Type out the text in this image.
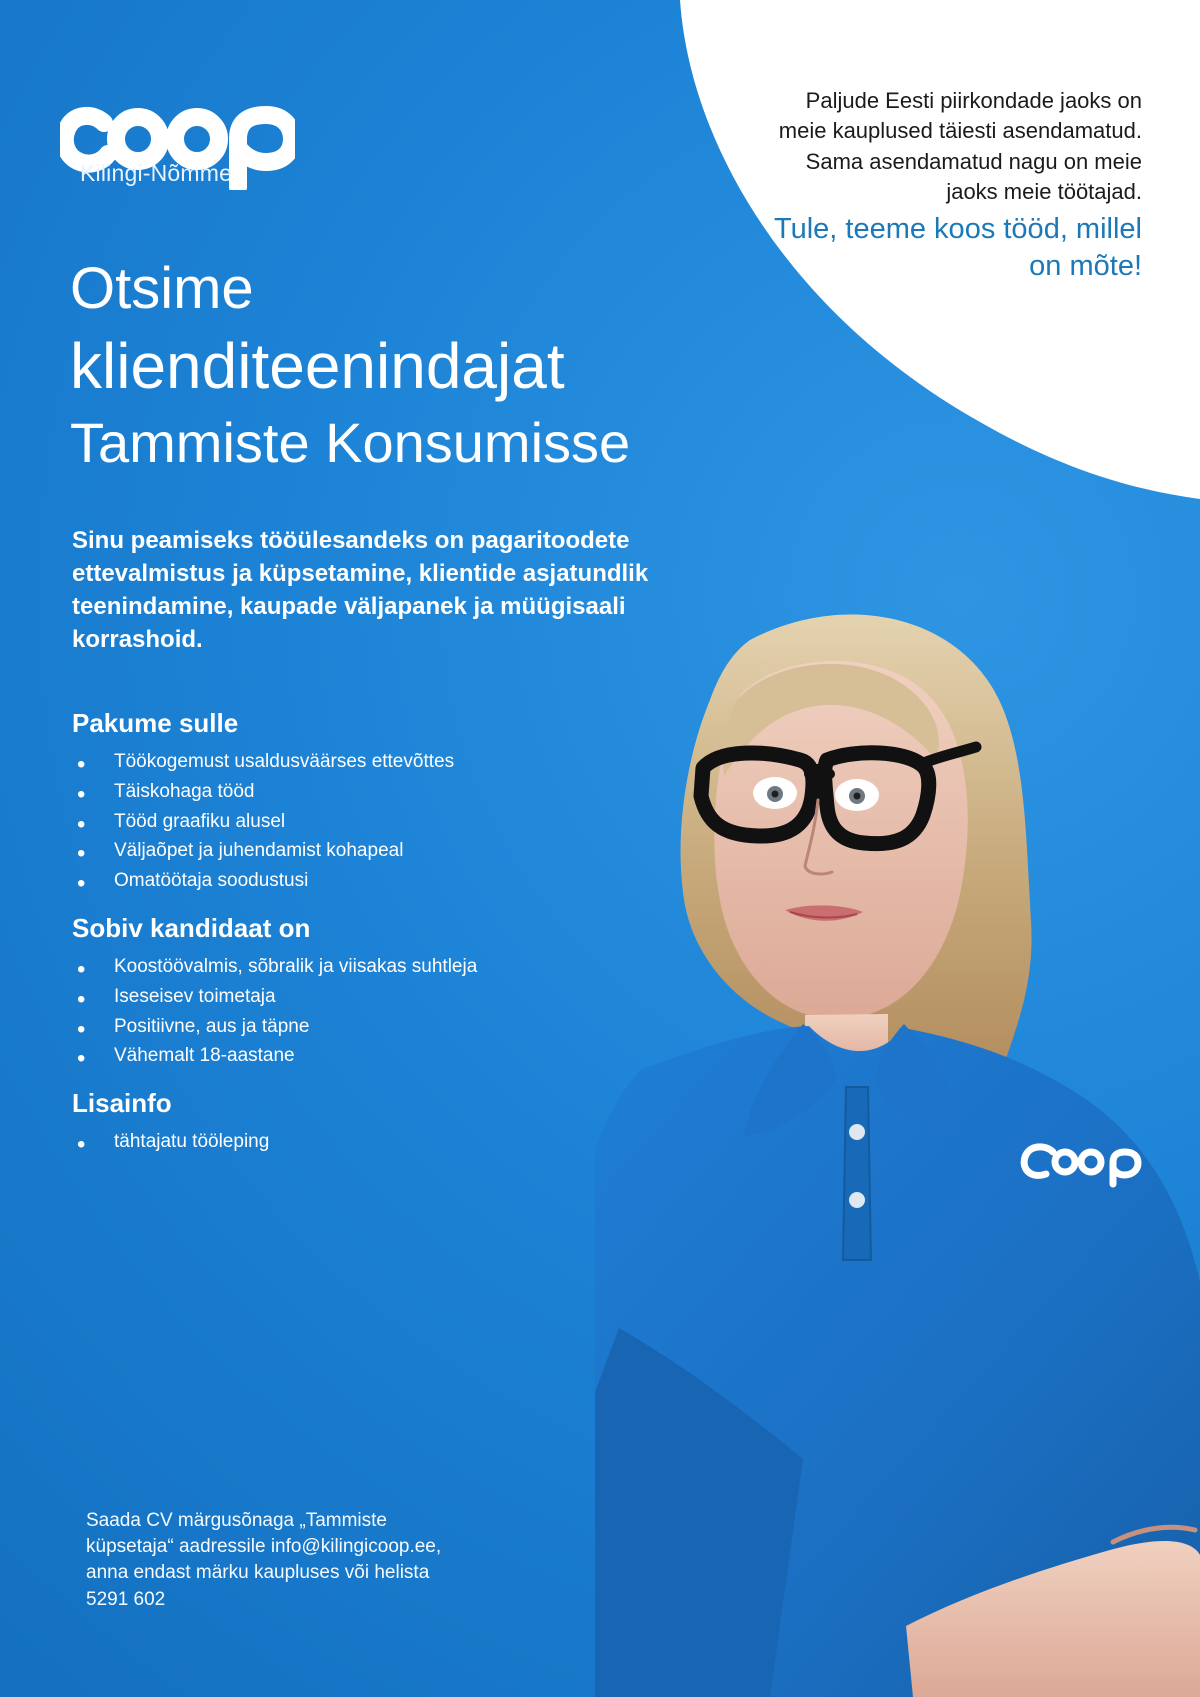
Kilingi-Nõmme
Otsime
klienditeenindajat
Tammiste Konsumisse
Paljude Eesti piirkondade jaoks on meie kauplused täiesti asendamatud. Sama asendamatud nagu on meie jaoks meie töötajad.
Tule, teeme koos tööd, millel on mõte!
Sinu peamiseks tööülesandeks on pagaritoodete ettevalmistus ja küpsetamine, klientide asjatundlik teenindamine, kaupade väljapanek ja müügisaali korrashoid.
Pakume sulle
• Töökogemust usaldusväärses ettevõttes
• Täiskohaga tööd
• Tööd graafiku alusel
• Väljaõpet ja juhendamist kohapeal
• Omatöötaja soodustusi
Sobiv kandidaat on
• Koostöövalmis, sõbralik ja viisakas suhtleja
• Iseseisev toimetaja
• Positiivne, aus ja täpne
• Vähemalt 18-aastane
Lisainfo
• tähtajatu tööleping
Saada CV märgusõnaga „Tammiste küpsetaja“ aadressile info@kilingicoop.ee, anna endast märku kaupluses või helista 5291 602
